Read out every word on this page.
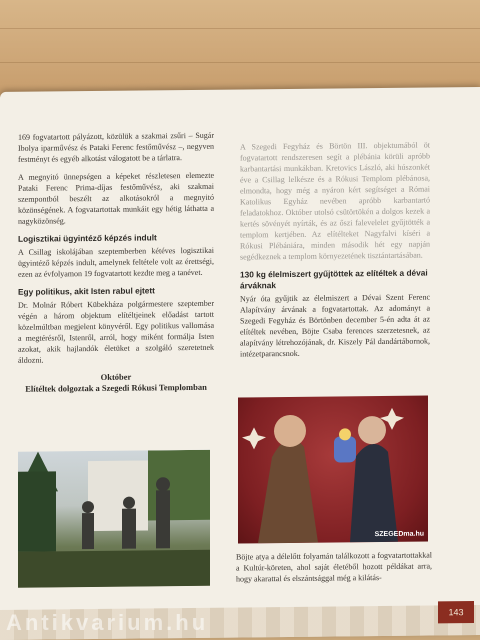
169 fogvatartott pályázott, közülük a szakmai zsűri – Sugár Ibolya iparművész és Pataki Ferenc festőművész –, negyven festményt és egyéb alkotást válogatott be a tárlatra.

A megnyitó ünnepségen a képeket részletesen elemezte Pataki Ferenc Prima-díjas festőművész, aki szakmai szempontból beszélt az alkotásokról a megnyitó közönségének. A fogvatartottak munkáit egy hétig láthatta a nagyközönség.

Logisztikai ügyintéző képzés indult

A Csillag iskolájában szeptemberben kétéves logisztikai ügyintéző képzés indult, amelynek feltétele volt az érettségi, ezen az évfolyamon 19 fogvatartott kezdte meg a tanévet.

Egy politikus, akit Isten rabul ejtett

Dr. Molnár Róbert Kübekháza polgármestere szeptember végén a három objektum elítéltjeinek előadást tartott közelmúltban megjelent könyvéről. Egy politikus vallomása a megtérésről, Istenről, arról, hogy miként formálja Isten azokat, akik hajlandók életüket a szolgáló szeretetnek áldozni.

Október
Elítéltek dolgoztak a Szegedi Rókusi Templomban

A Szegedi Fegyház és Börtön III. objektumából öt fogvatartott rendszeresen segít a plébánia körüli apróbb karbantartási munkákban. Kretovics László, aki húszonkét éve a Csillag lelkésze és a Rókusi Templom plébánosa, elmondta, hogy még a nyáron kért segítséget a Római Katolikus Egyház nevében apróbb karbantartó feladatokhoz. Október utolsó csütörtökén a dolgos kezek a kertés sövényét nyírták, és az őszi falevelelet gyűjtötték a templom kertjében. Az elítélteket Nagyfalvi kíséri a Rókusi Plébániára, minden második hét egy napján segédkeznek a templom környezetének tisztántartásában.

130 kg élelmiszert gyűjtöttek az elítéltek a dévai árváknak

Nyár óta gyűjtik az élelmiszert a Dévai Szent Ferenc Alapítvány árvának a fogvatartottak. Az adományt a Szegedi Fegyház és Börtönben december 5-én adta át az elítéltek nevében, Böjte Csaba ferences szerzetesnek, az alapítvány létrehozójának, dr. Kiszely Pál dandártábornok, intézetparancsnok.

SZEGEDma.hu
Böjte atya a délelőtt folyamán találkozott a fogvatartottakkal a Kultúr-köreten, ahol saját életéből hozott példákat arra, hogy akarattal és elszántsággal még a kilátás-
143
Antikvarium.hu
